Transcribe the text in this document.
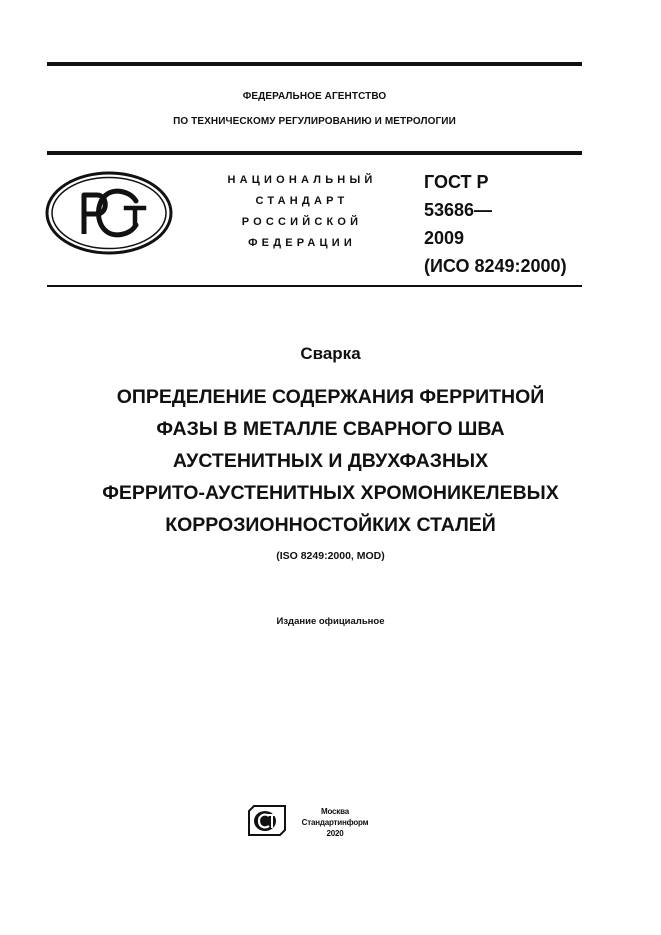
ФЕДЕРАЛЬНОЕ АГЕНТСТВО
ПО ТЕХНИЧЕСКОМУ РЕГУЛИРОВАНИЮ И МЕТРОЛОГИИ
НАЦИОНАЛЬНЫЙ
СТАНДАРТ
РОССИЙСКОЙ
ФЕДЕРАЦИИ
ГОСТ Р
53686—
2009
(ИСО 8249:2000)
Сварка
ОПРЕДЕЛЕНИЕ СОДЕРЖАНИЯ ФЕРРИТНОЙ
ФАЗЫ В МЕТАЛЛЕ СВАРНОГО ШВА
АУСТЕНИТНЫХ И ДВУХФАЗНЫХ
ФЕРРИТО-АУСТЕНИТНЫХ ХРОМОНИКЕЛЕВЫХ
КОРРОЗИОННОСТОЙКИХ СТАЛЕЙ
(ISO 8249:2000, MOD)
Издание официальное
Москва
Стандартинформ
2020
